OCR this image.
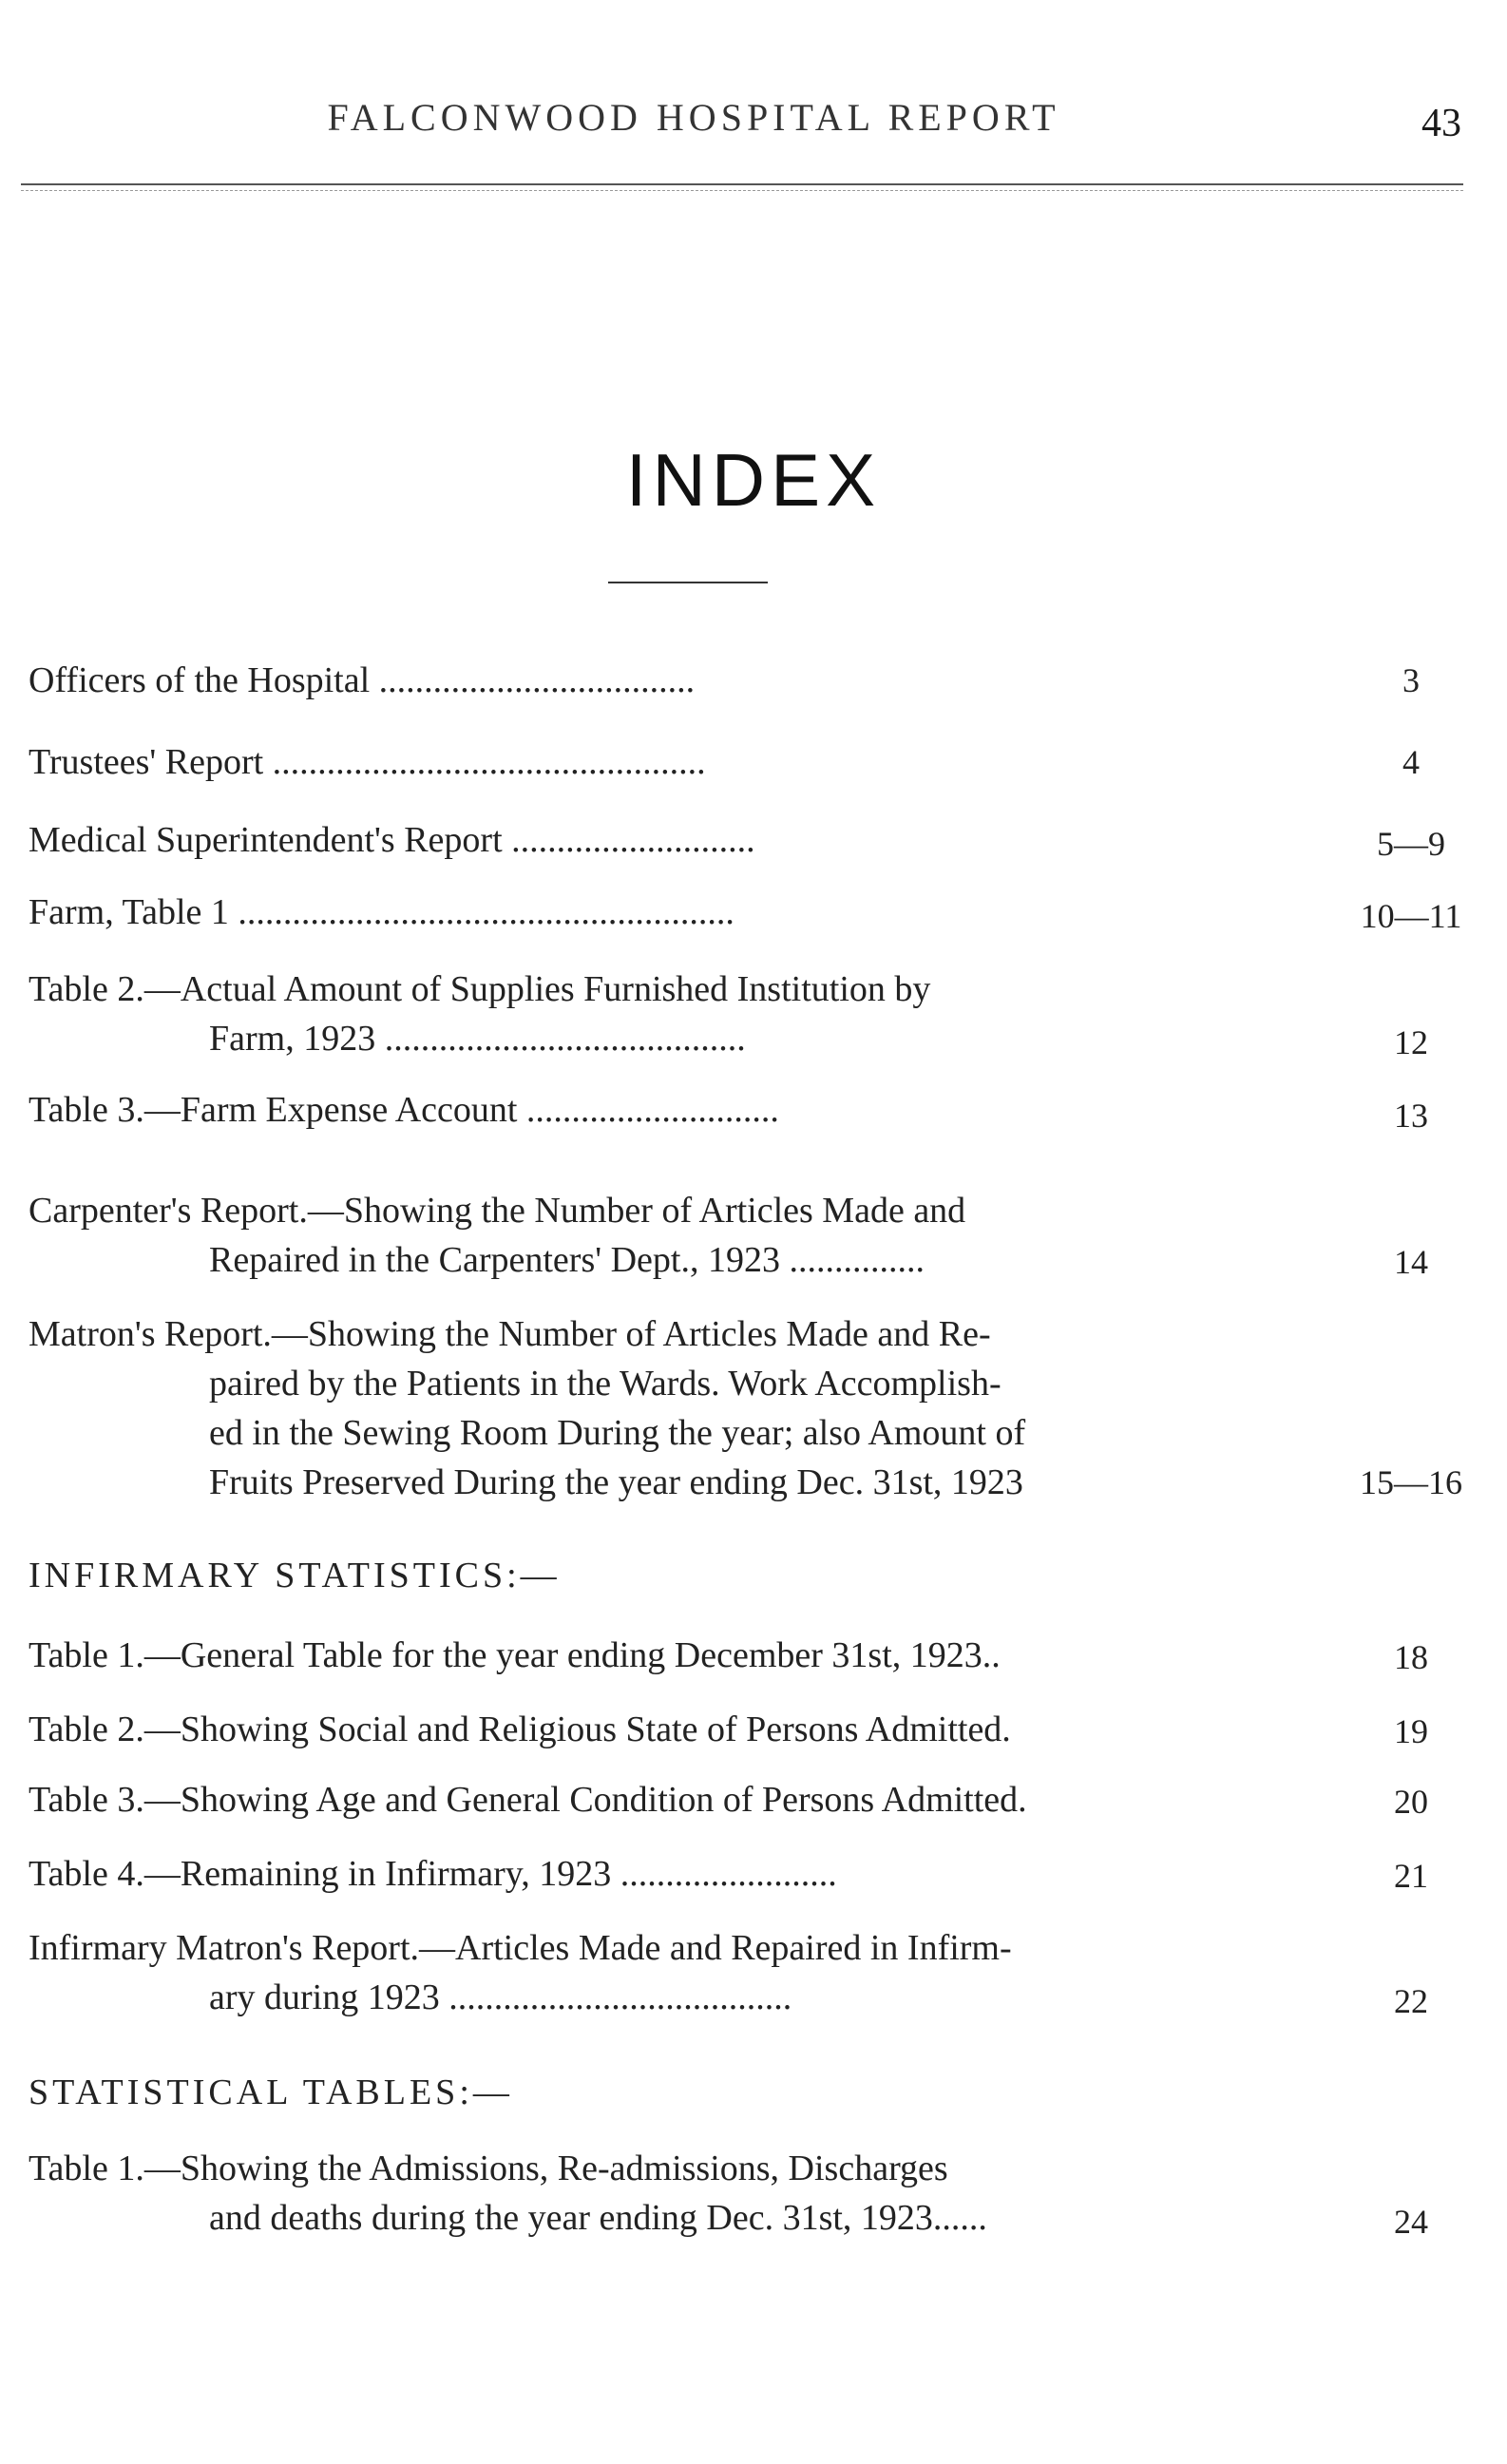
FALCONWOOD HOSPITAL REPORT	43
INDEX
Officers of the Hospital ...................................	3
Trustees' Report ................................................	4
Medical Superintendent's Report ...........................	5—9
Farm, Table 1 .......................................................	10—11
Table 2.—Actual Amount of Supplies Furnished Institution by
Farm, 1923 ........................................	12
Table 3.—Farm Expense Account ............................	13
Carpenter's Report.—Showing the Number of Articles Made and
Repaired in the Carpenters' Dept., 1923 ...............	14
Matron's Report.—Showing the Number of Articles Made and Re-
paired by the Patients in the Wards. Work Accomplish-
ed in the Sewing Room During the year; also Amount of
Fruits Preserved During the year ending Dec. 31st, 1923	15—16
INFIRMARY STATISTICS:—
Table 1.—General Table for the year ending December 31st, 1923..	18
Table 2.—Showing Social and Religious State of Persons Admitted.	19
Table 3.—Showing Age and General Condition of Persons Admitted.	20
Table 4.—Remaining in Infirmary, 1923 ........................	21
Infirmary Matron's Report.—Articles Made and Repaired in Infirm-
ary during 1923 ......................................	22
STATISTICAL TABLES:—
Table 1.—Showing the Admissions, Re-admissions, Discharges
and deaths during the year ending Dec. 31st, 1923......	24
